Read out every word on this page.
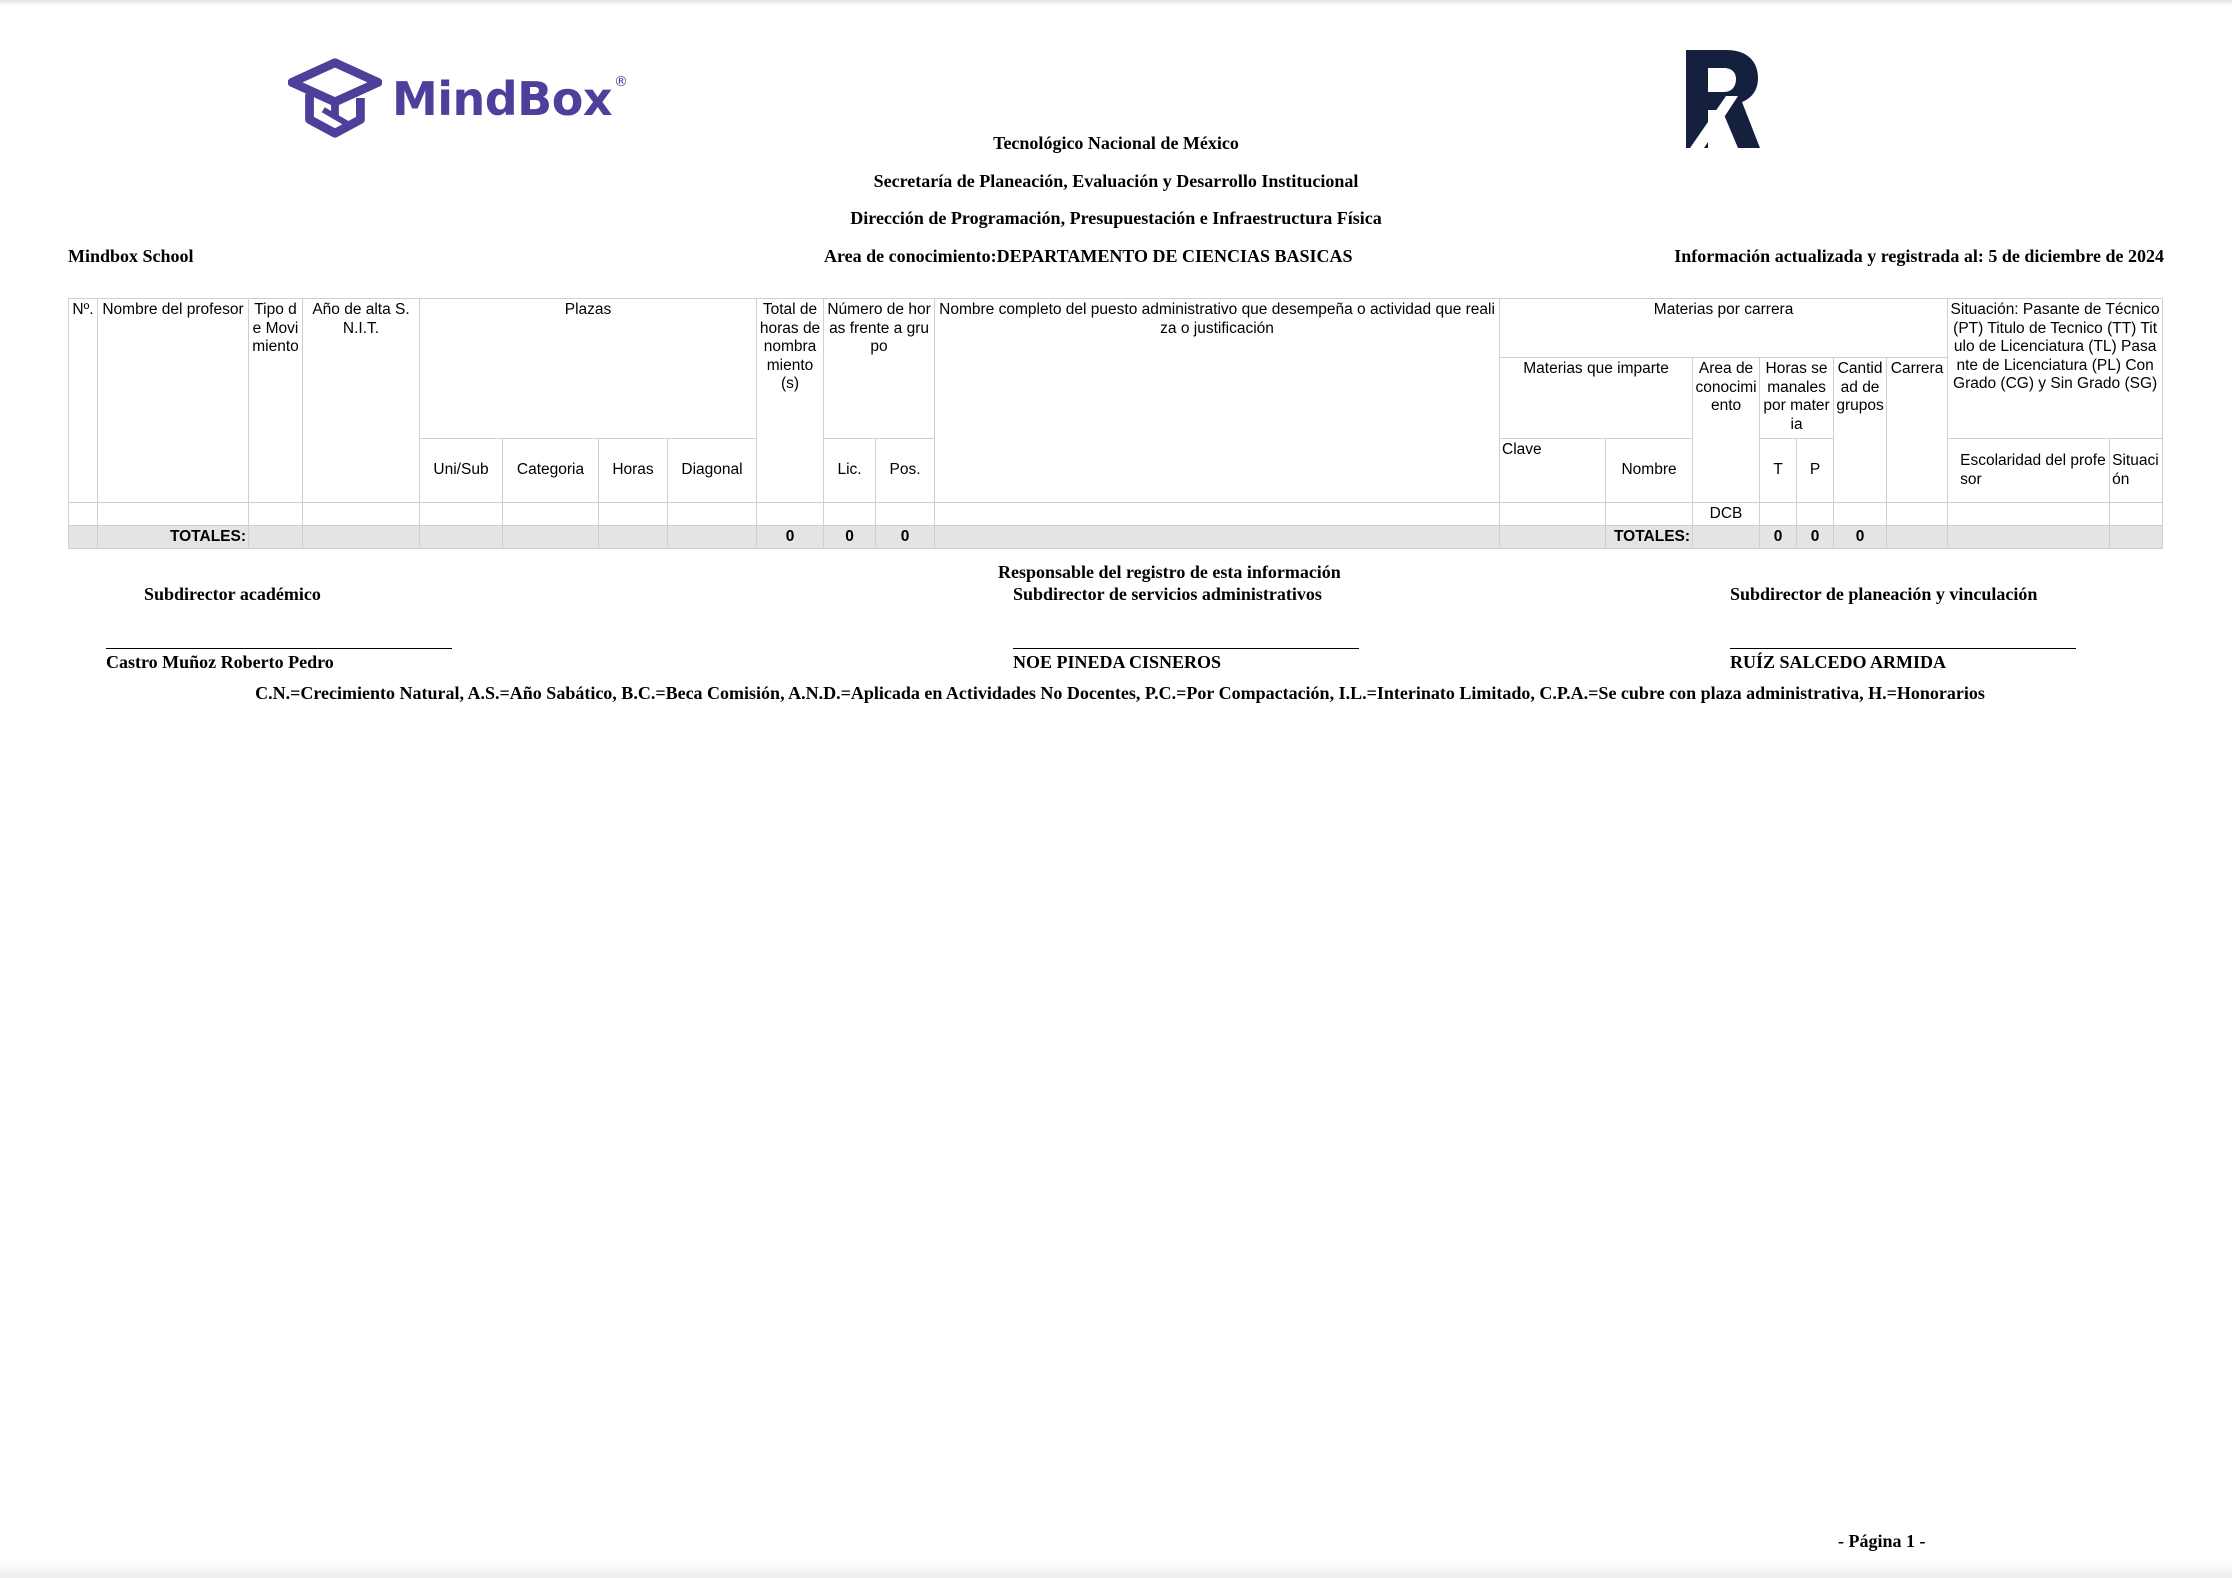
MindBox ®
Tecnológico Nacional de México
Secretaría de Planeación, Evaluación y Desarrollo Institucional
Dirección de Programación, Presupuestación e Infraestructura Física
Mindbox School	Area de conocimiento:DEPARTAMENTO DE CIENCIAS BASICAS	Información actualizada y registrada al: 5 de diciembre de 2024
Nº.	Nombre del profesor	Tipo de Movimiento	Año de alta S.N.I.T.	Plazas				Total de horas de nombramiento(s)	Número de horas frente a grupo		Nombre completo del puesto administrativo que desempeña o actividad que realiza o justificación	Materias por carrera							Situación: Pasante de Técnico (PT) Titulo de Tecnico (TT) Titulo de Licenciatura (TL) Pasante de Licenciatura (PL) Con Grado (CG) y Sin Grado (SG)	
												Materias que imparte		Area de conocimiento	Horas semanales por materia		Cantidad de grupos	Carrera		
				Uni/Sub	Categoria	Horas	Diagonal		Lic.	Pos.		Clave	Nombre		T	P			Escolaridad del profesor	Situación
														DCB						
	TOTALES:							0	0	0			TOTALES:		0	0	0			
Responsable del registro de esta información
Subdirector académico	Subdirector de servicios administrativos	Subdirector de planeación y vinculación
Castro Muñoz Roberto Pedro	NOE PINEDA CISNEROS	RUÍZ SALCEDO ARMIDA
C.N.=Crecimiento Natural, A.S.=Año Sabático, B.C.=Beca Comisión, A.N.D.=Aplicada en Actividades No Docentes, P.C.=Por Compactación, I.L.=Interinato Limitado, C.P.A.=Se cubre con plaza administrativa, H.=Honorarios
- Página 1 -
